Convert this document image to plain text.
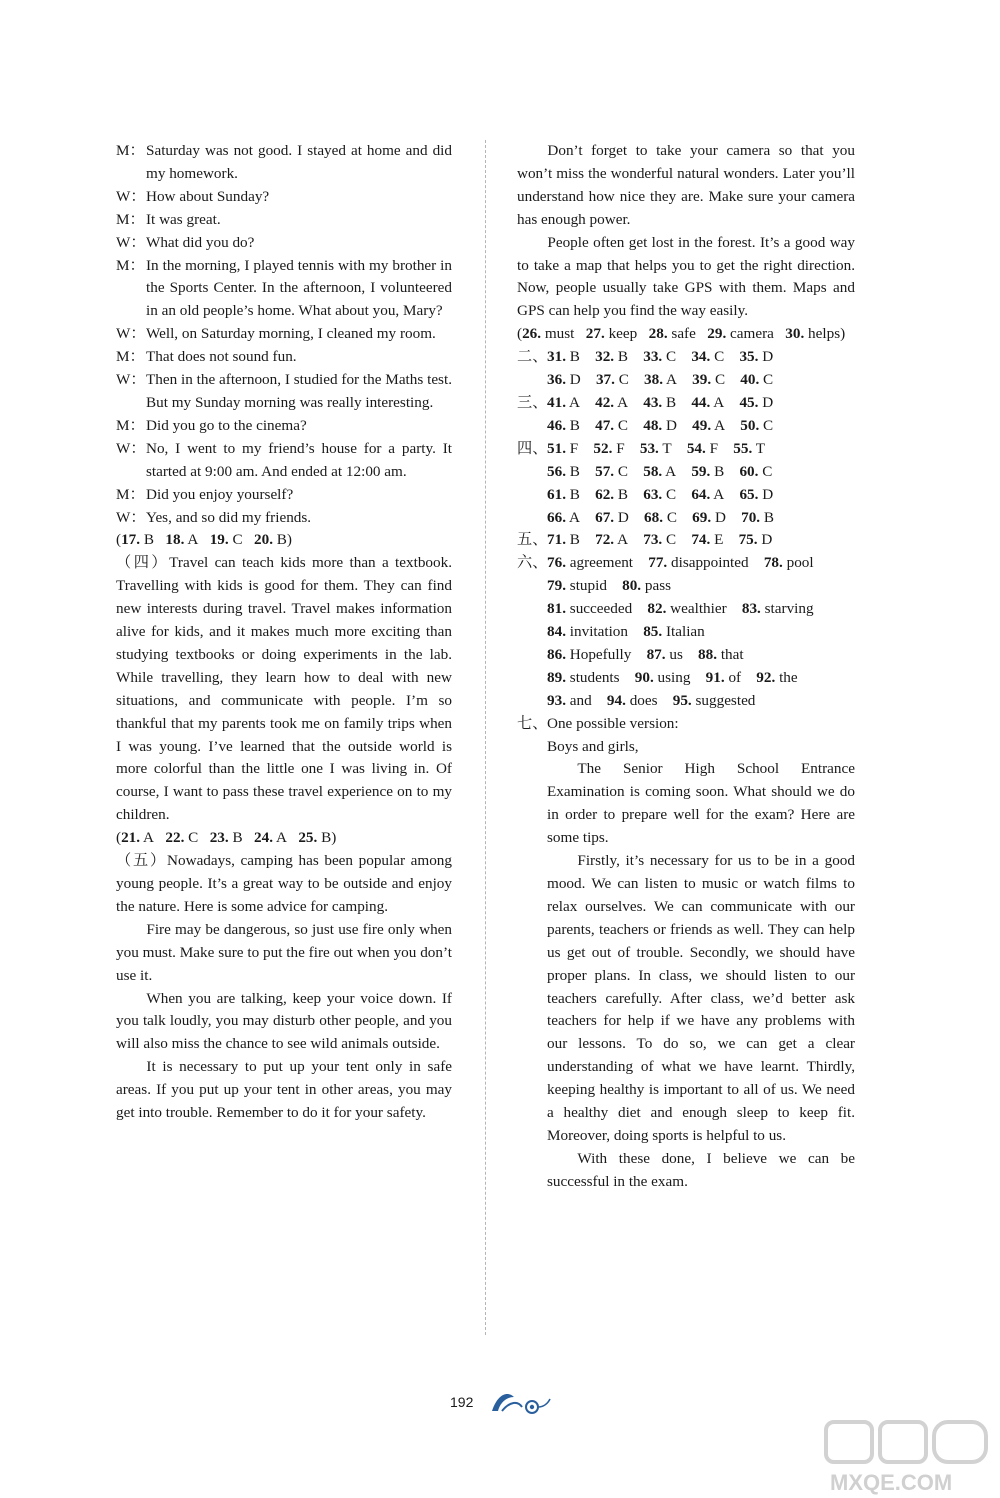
M： Saturday was not good. I stayed at home and did my homework.
W： How about Sunday?
M： It was great.
W： What did you do?
M： In the morning, I played tennis with my brother in the Sports Center. In the afternoon, I volunteered in an old people’s home. What about you, Mary?
W： Well, on Saturday morning, I cleaned my room.
M： That does not sound fun.
W： Then in the afternoon, I studied for the Maths test. But my Sunday morning was really interesting.
M： Did you go to the cinema?
W： No, I went to my friend’s house for a party. It started at 9:00 am. And ended at 12:00 am.
M： Did you enjoy yourself?
W： Yes, and so did my friends.
(17. B 18. A 19. C 20. B)
（四）Travel can teach kids more than a textbook. Travelling with kids is good for them. They can find new interests during travel. Travel makes information alive for kids, and it makes much more exciting than studying textbooks or doing experiments in the lab. While travelling, they learn how to deal with new situations, and communicate with people. I’m so thankful that my parents took me on family trips when I was young. I’ve learned that the outside world is more colorful than the little one I was living in. Of course, I want to pass these travel experience on to my children.
(21. A 22. C 23. B 24. A 25. B)
（五）Nowadays, camping has been popular among young people. It’s a great way to be outside and enjoy the nature. Here is some advice for camping.
Fire may be dangerous, so just use fire only when you must. Make sure to put the fire out when you don’t use it.
When you are talking, keep your voice down. If you talk loudly, you may disturb other people, and you will also miss the chance to see wild animals outside.
It is necessary to put up your tent only in safe areas. If you put up your tent in other areas, you may get into trouble. Remember to do it for your safety.
Don’t forget to take your camera so that you won’t miss the wonderful natural wonders. Later you’ll understand how nice they are. Make sure your camera has enough power.
People often get lost in the forest. It’s a good way to take a map that helps you to get the right direction. Now, people usually take GPS with them. Maps and GPS can help you find the way easily.
(26. must 27. keep 28. safe 29. camera 30. helps)
二、31. B 32. B 33. C 34. C 35. D
36. D 37. C 38. A 39. C 40. C
三、41. A 42. A 43. B 44. A 45. D
46. B 47. C 48. D 49. A 50. C
四、51. F 52. F 53. T 54. F 55. T
56. B 57. C 58. A 59. B 60. C
61. B 62. B 63. C 64. A 65. D
66. A 67. D 68. C 69. D 70. B
五、71. B 72. A 73. C 74. E 75. D
六、76. agreement 77. disappointed 78. pool
79. stupid 80. pass
81. succeeded 82. wealthier 83. starving
84. invitation 85. Italian
86. Hopefully 87. us 88. that
89. students 90. using 91. of 92. the
93. and 94. does 95. suggested
七、One possible version:
Boys and girls,
The Senior High School Entrance Examination is coming soon. What should we do in order to prepare well for the exam? Here are some tips.
Firstly, it’s necessary for us to be in a good mood. We can listen to music or watch films to relax ourselves. We can communicate with our parents, teachers or friends as well. They can help us get out of trouble. Secondly, we should have proper plans. In class, we should listen to our teachers carefully. After class, we’d better ask teachers for help if we have any problems with our lessons. To do so, we can get a clear understanding of what we have learnt. Thirdly, keeping healthy is important to all of us. We need a healthy diet and enough sleep to keep fit. Moreover, doing sports is helpful to us.
With these done, I believe we can be successful in the exam.
192
MXQE.COM
